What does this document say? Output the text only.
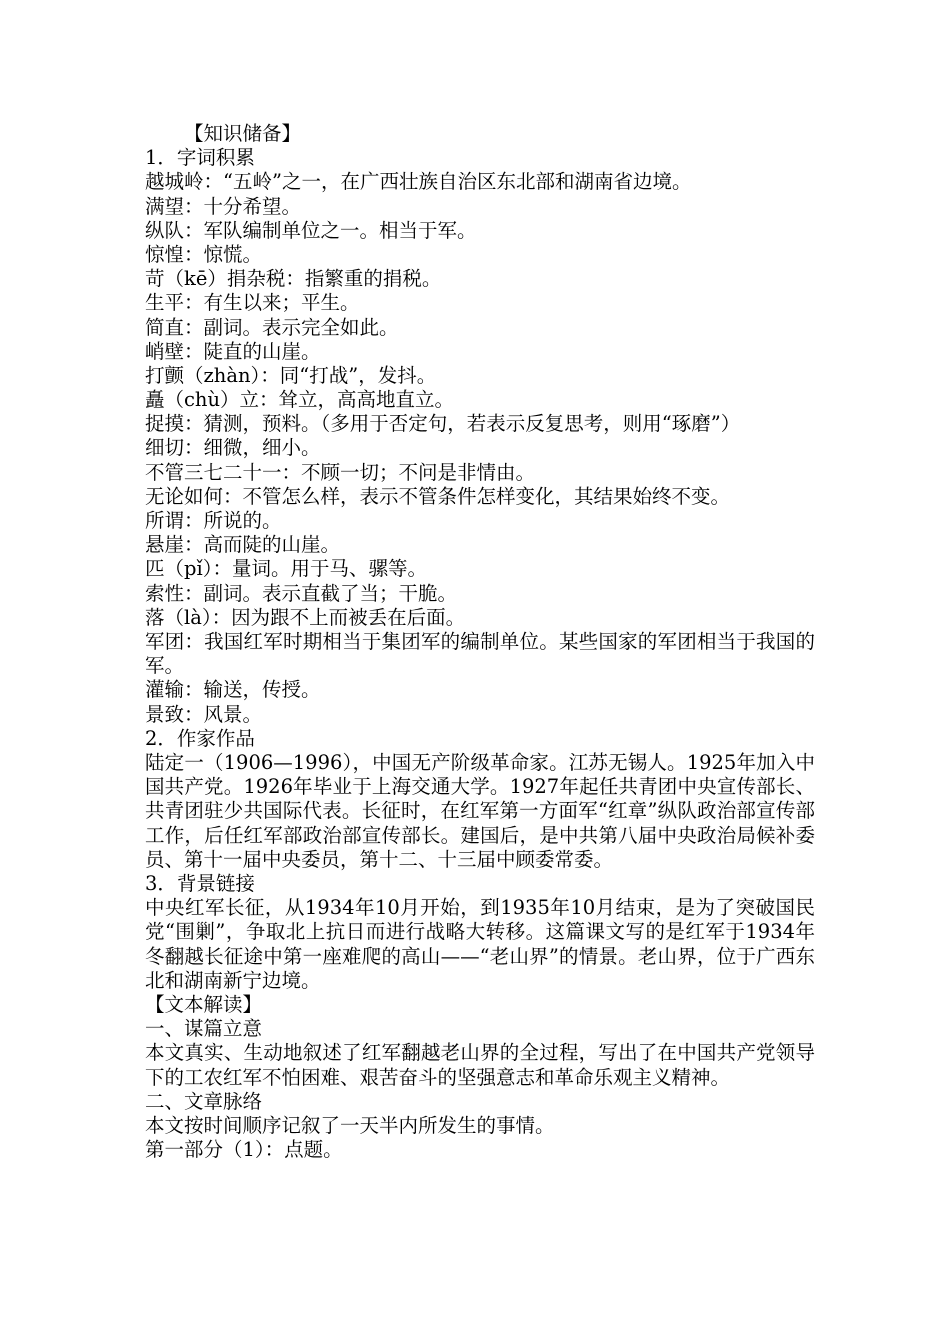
【知识储备】
1．字词积累
越城岭：“五岭”之一，在广西壮族自治区东北部和湖南省边境。
满望：十分希望。
纵队：军队编制单位之一。相当于军。
惊惶：惊慌。
苛（kē）捐杂税：指繁重的捐税。
生平：有生以来；平生。
简直：副词。表示完全如此。
峭壁：陡直的山崖。
打颤（zhàn）：同“打战”，发抖。
矗（chù）立：耸立，高高地直立。
捉摸：猜测，预料。（多用于否定句，若表示反复思考，则用“琢磨”）
细切：细微，细小。
不管三七二十一：不顾一切；不问是非情由。
无论如何：不管怎么样，表示不管条件怎样变化，其结果始终不变。
所谓：所说的。
悬崖：高而陡的山崖。
匹（pǐ）：量词。用于马、骡等。
索性：副词。表示直截了当；干脆。
落（là）：因为跟不上而被丢在后面。
军团：我国红军时期相当于集团军的编制单位。某些国家的军团相当于我国的军。
灌输：输送，传授。
景致：风景。
2．作家作品
陆定一（1906—1996），中国无产阶级革命家。江苏无锡人。1925年加入中国共产党。1926年毕业于上海交通大学。1927年起任共青团中央宣传部长、共青团驻少共国际代表。长征时，在红军第一方面军“红章”纵队政治部宣传部工作，后任红军部政治部宣传部长。建国后，是中共第八届中央政治局候补委员、第十一届中央委员，第十二、十三届中顾委常委。
3．背景链接
中央红军长征，从1934年10月开始，到1935年10月结束，是为了突破国民党“围剿”，争取北上抗日而进行战略大转移。这篇课文写的是红军于1934年冬翻越长征途中第一座难爬的高山——“老山界”的情景。老山界，位于广西东北和湖南新宁边境。
【文本解读】
一、谋篇立意
本文真实、生动地叙述了红军翻越老山界的全过程，写出了在中国共产党领导下的工农红军不怕困难、艰苦奋斗的坚强意志和革命乐观主义精神。
二、文章脉络
本文按时间顺序记叙了一天半内所发生的事情。
第一部分（1）：点题。
